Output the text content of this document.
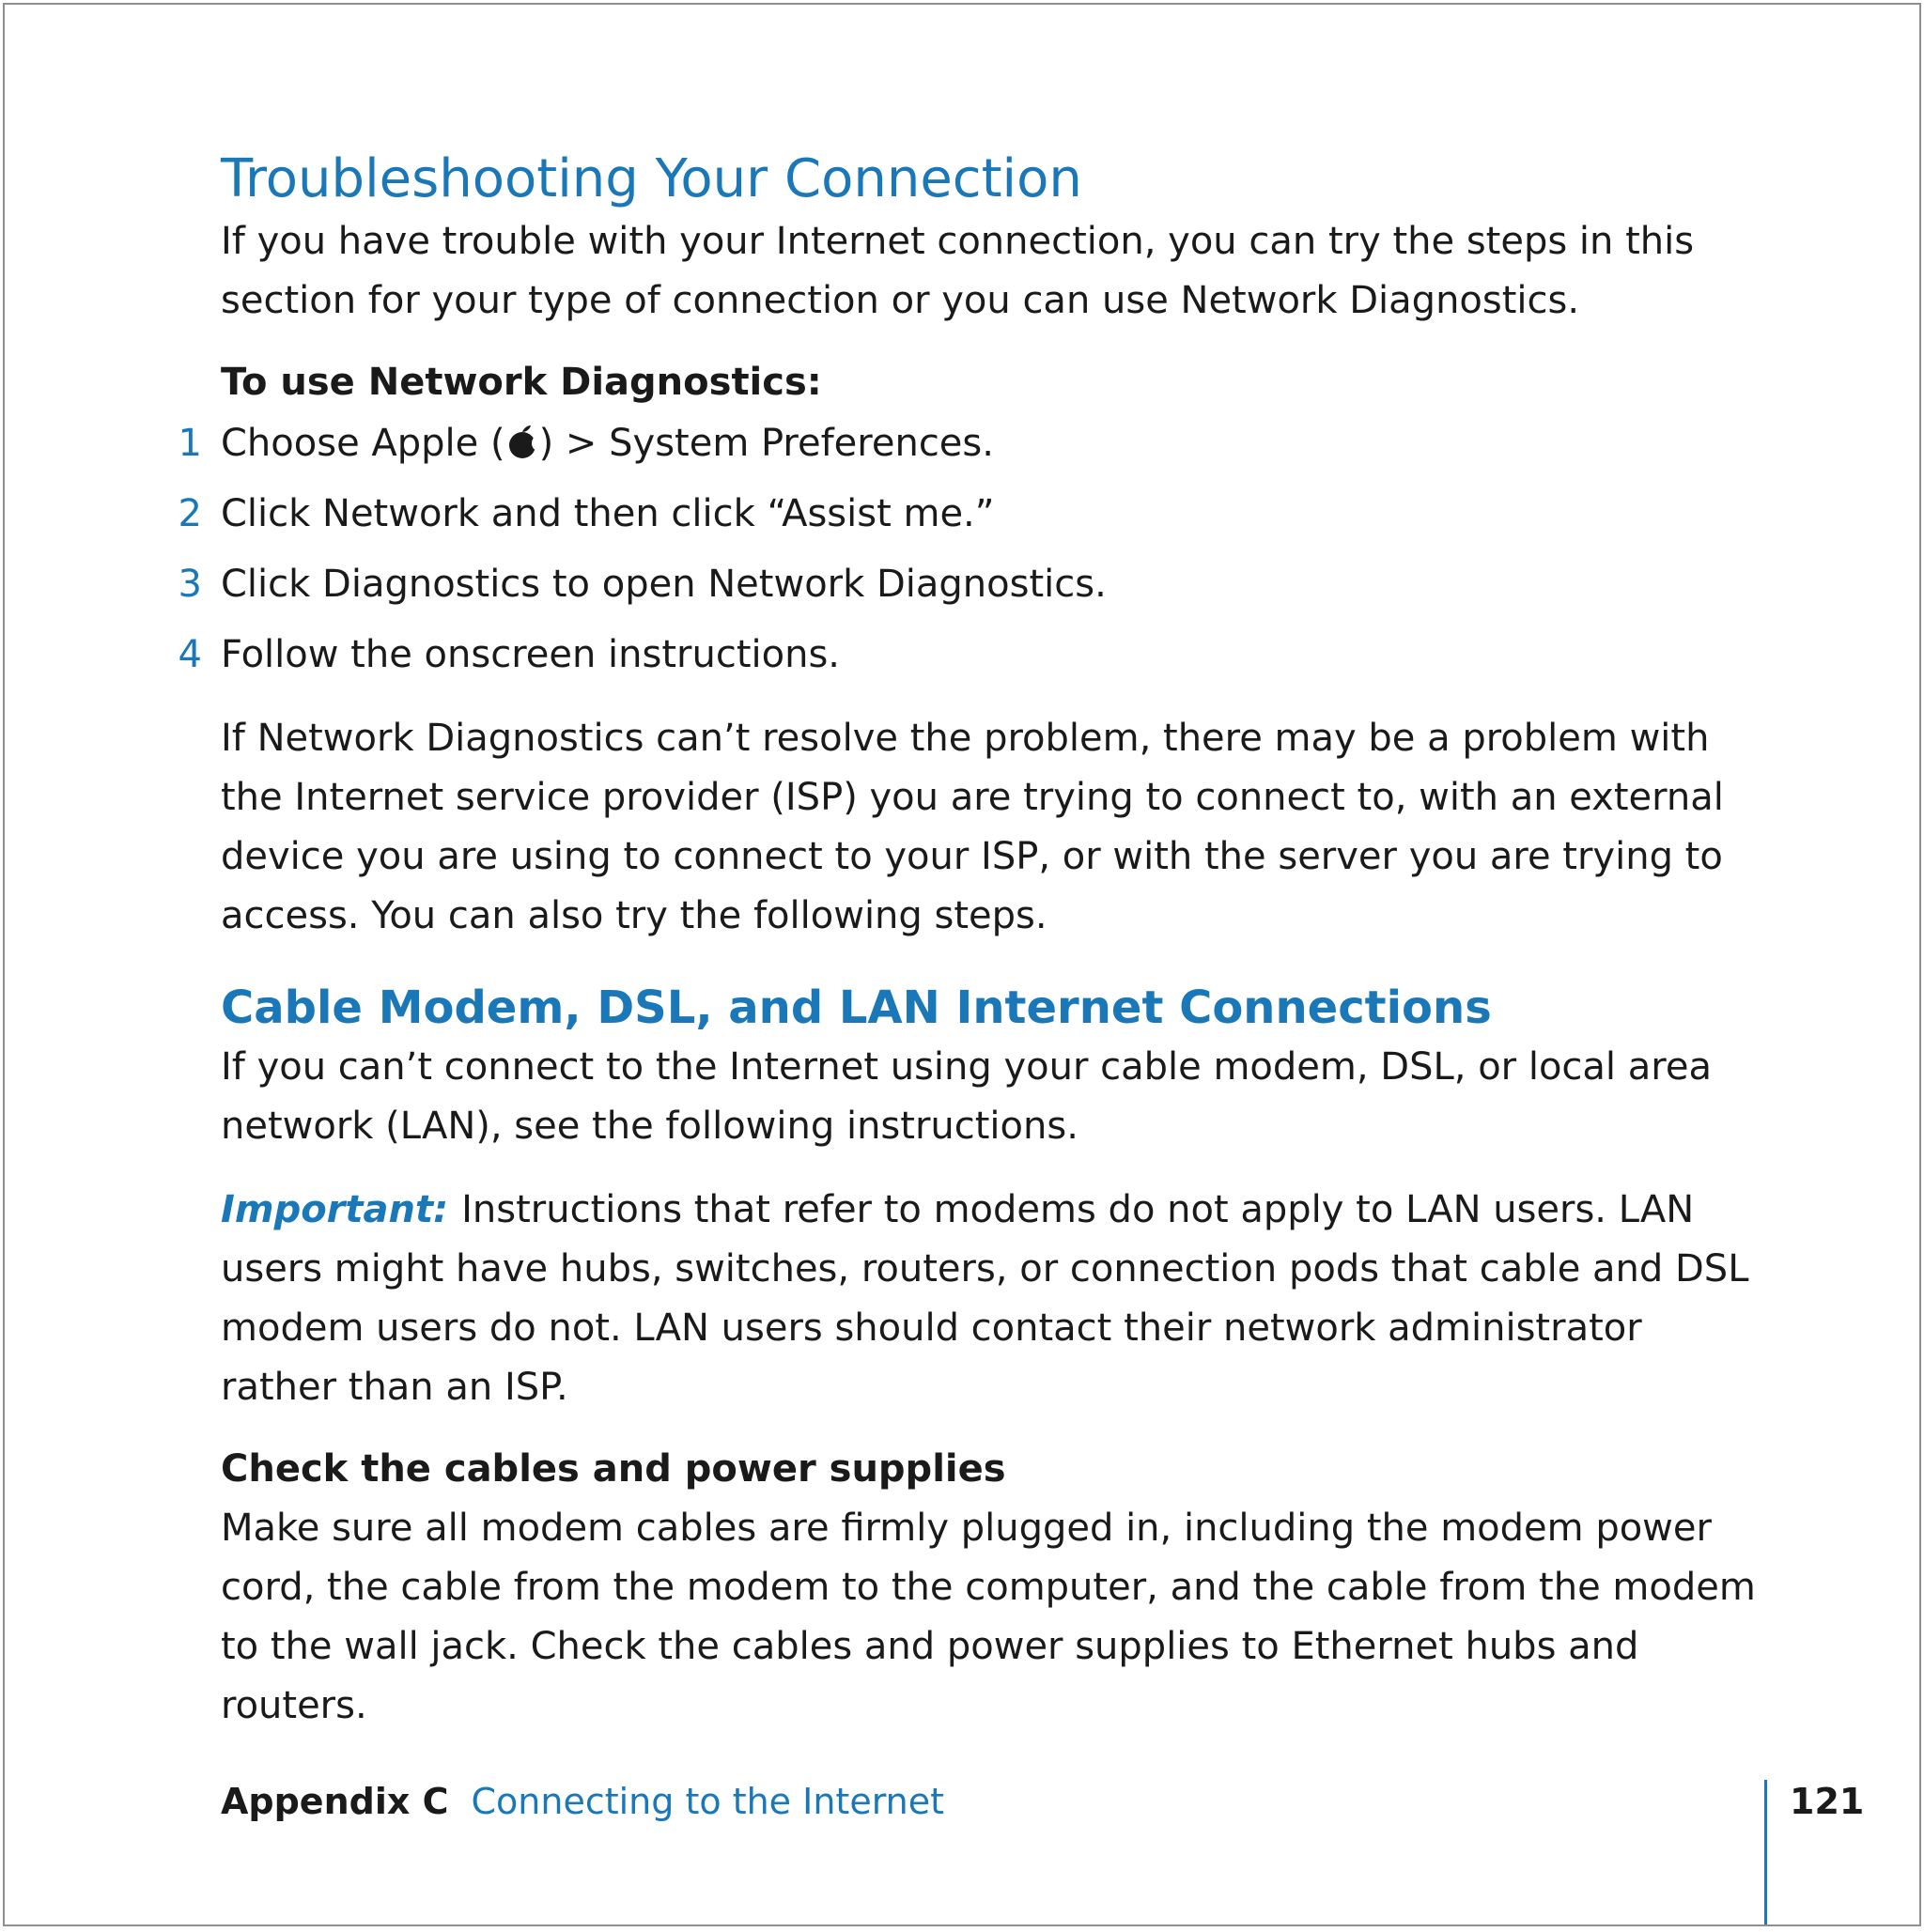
Troubleshooting Your Connection

If you have trouble with your Internet connection, you can try the steps in this section for your type of connection or you can use Network Diagnostics.

To use Network Diagnostics:

1 Choose Apple ( ) > System Preferences.
2 Click Network and then click “Assist me.”
3 Click Diagnostics to open Network Diagnostics.
4 Follow the onscreen instructions.

If Network Diagnostics can’t resolve the problem, there may be a problem with the Internet service provider (ISP) you are trying to connect to, with an external device you are using to connect to your ISP, or with the server you are trying to access. You can also try the following steps.

Cable Modem, DSL, and LAN Internet Connections

If you can’t connect to the Internet using your cable modem, DSL, or local area network (LAN), see the following instructions.

Important: Instructions that refer to modems do not apply to LAN users. LAN users might have hubs, switches, routers, or connection pods that cable and DSL modem users do not. LAN users should contact their network administrator rather than an ISP.

Check the cables and power supplies

Make sure all modem cables are firmly plugged in, including the modem power cord, the cable from the modem to the computer, and the cable from the modem to the wall jack. Check the cables and power supplies to Ethernet hubs and routers.

Appendix C Connecting to the Internet	121
